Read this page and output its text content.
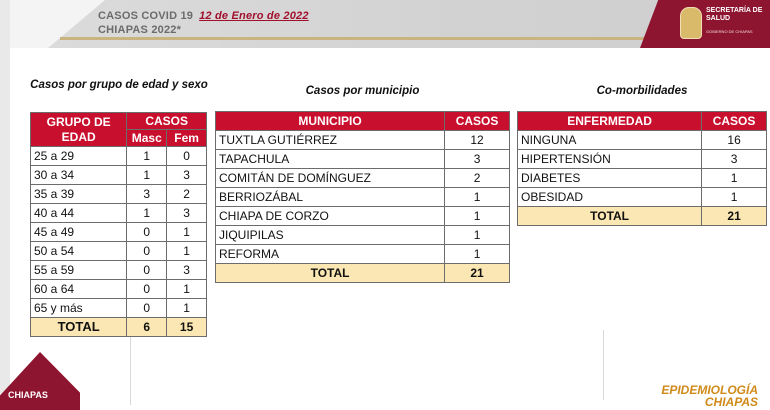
CASOS COVID 19 12 de Enero de 2022
CHIAPAS 2022*
SECRETARÍA DE SALUD
GOBIERNO DE CHIAPAS
Casos por grupo de edad y sexo
GRUPO DE EDAD	CASOS	
	Masc	Fem
25 a 29	1	0
30 a 34	1	3
35 a 39	3	2
40 a 44	1	3
45 a 49	0	1
50 a 54	0	1
55 a 59	0	3
60 a 64	0	1
65 y más	0	1
TOTAL	6	15
Casos por municipio
MUNICIPIO	CASOS
TUXTLA GUTIÉRREZ	12
TAPACHULA	3
COMITÁN DE DOMÍNGUEZ	2
BERRIOZÁBAL	1
CHIAPA DE CORZO	1
JIQUIPILAS	1
REFORMA	1
TOTAL	21
Co-morbilidades
ENFERMEDAD	CASOS
NINGUNA	16
HIPERTENSIÓN	3
DIABETES	1
OBESIDAD	1
TOTAL	21
CHIAPAS	EPIDEMIOLOGÍA
CHIAPAS
